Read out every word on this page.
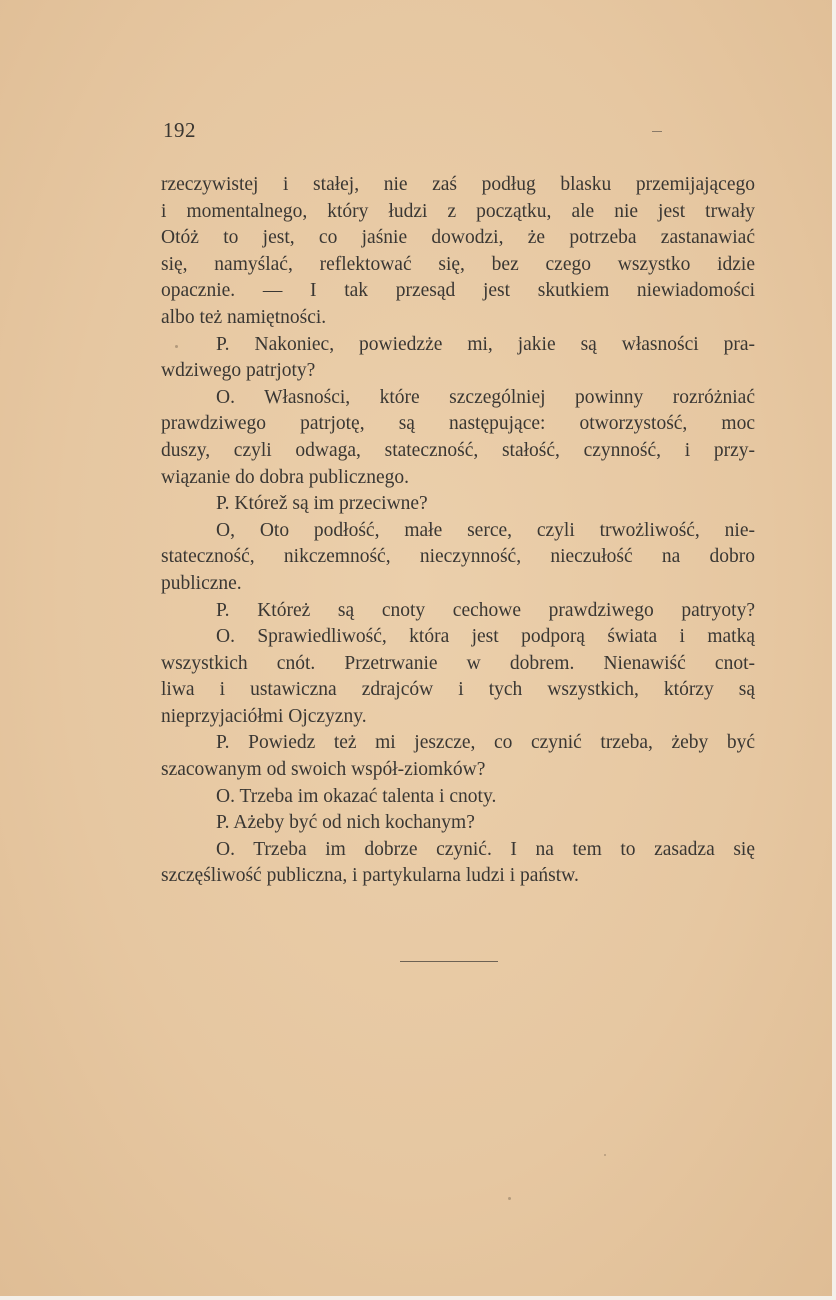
192
rzeczywistej i stałej, nie zaś podług blasku przemijającego
i momentalnego, który łudzi z początku, ale nie jest trwały
Otóż to jest, co jaśnie dowodzi, że potrzeba zastanawiać
się, namyślać, reflektować się, bez czego wszystko idzie
opacznie. — I tak przesąd jest skutkiem niewiadomości
albo też namiętności.
P. Nakoniec, powiedzże mi, jakie są własności pra-
wdziwego patrjoty?
O. Własności, które szczególniej powinny rozróżniać
prawdziwego patrjotę, są następujące: otworzystość, moc
duszy, czyli odwaga, stateczność, stałość, czynność, i przy-
wiązanie do dobra publicznego.
P. Którež są im przeciwne?
O, Oto podłość, małe serce, czyli trwożliwość, nie-
stateczność, nikczemność, nieczynność, nieczułość na dobro
publiczne.
P. Któreż są cnoty cechowe prawdziwego patryoty?
O. Sprawiedliwość, która jest podporą świata i matką
wszystkich cnót. Przetrwanie w dobrem. Nienawiść cnot-
liwa i ustawiczna zdrajców i tych wszystkich, którzy są
nieprzyjaciółmi Ojczyzny.
P. Powiedz też mi jeszcze, co czynić trzeba, żeby być
szacowanym od swoich współ-ziomków?
O. Trzeba im okazać talenta i cnoty.
P. Ażeby być od nich kochanym?
O. Trzeba im dobrze czynić. I na tem to zasadza się
szczęśliwość publiczna, i partykularna ludzi i państw.
